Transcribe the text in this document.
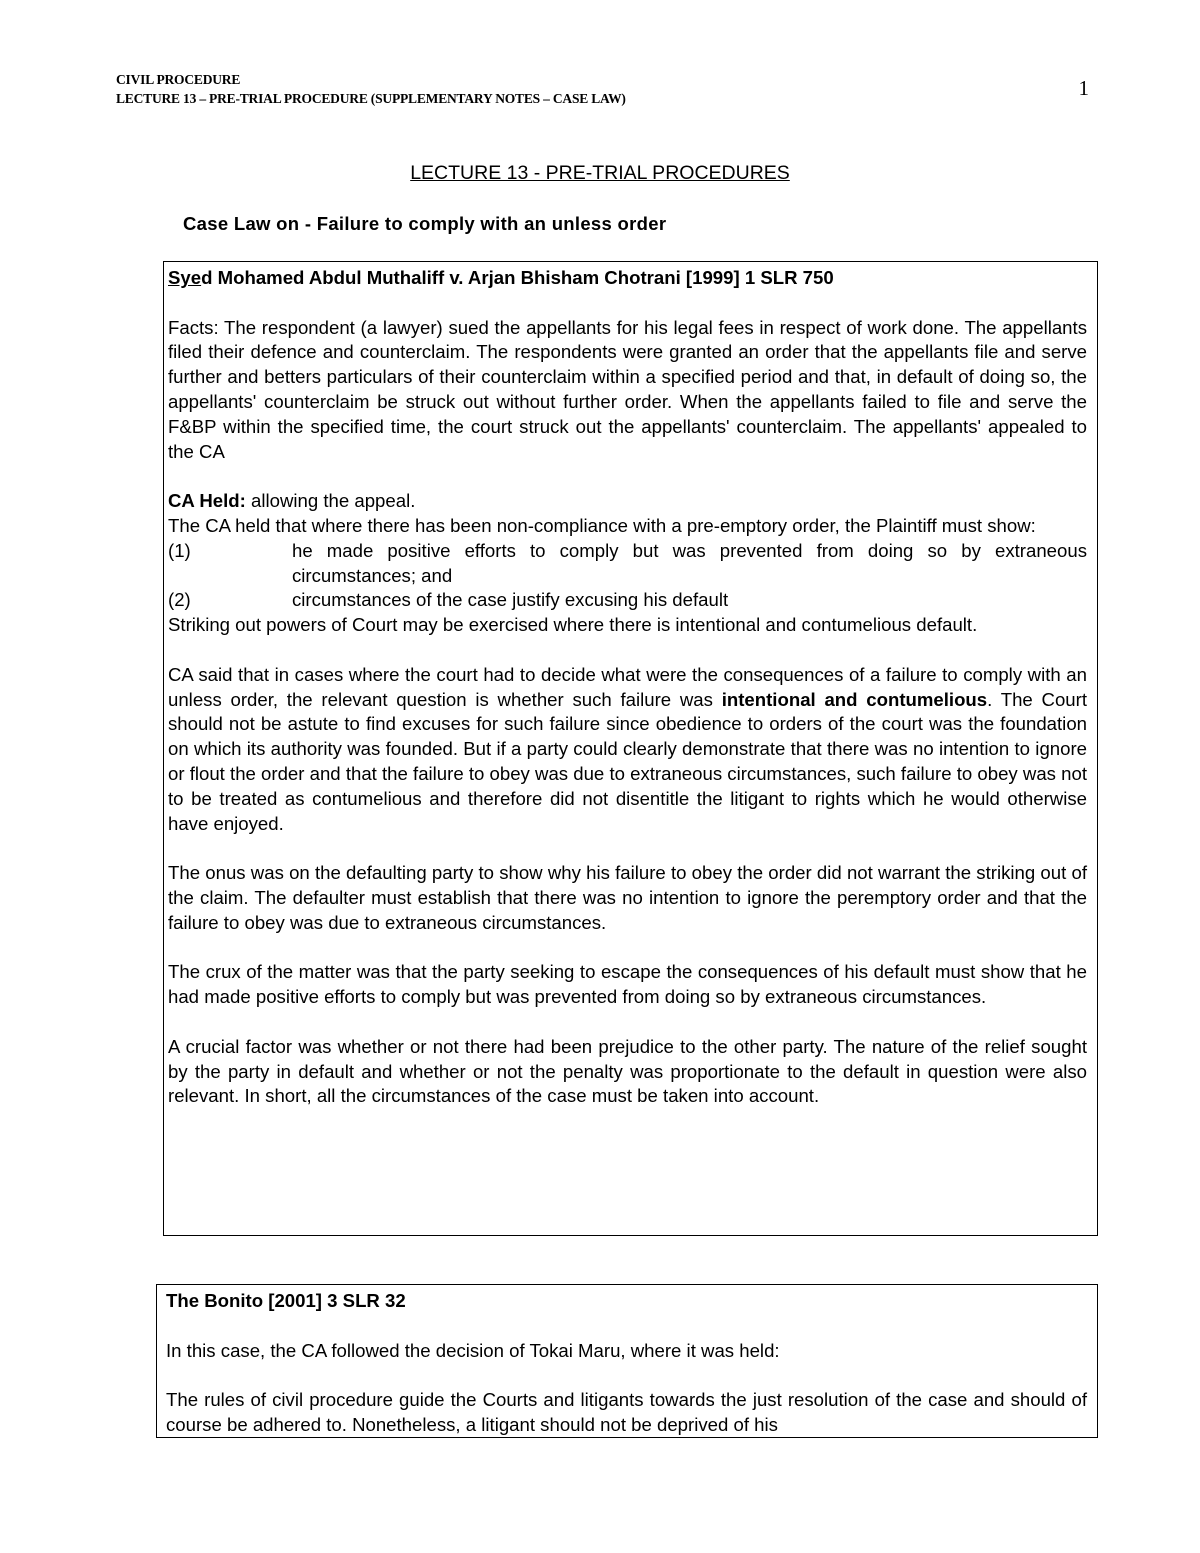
CIVIL PROCEDURE
LECTURE 13 – PRE-TRIAL PROCEDURE (SUPPLEMENTARY NOTES – CASE LAW)	1
LECTURE 13 - PRE-TRIAL PROCEDURES
Case Law on - Failure to comply with an unless order

Syed Mohamed Abdul Muthaliff v. Arjan Bhisham Chotrani [1999] 1 SLR 750

Facts: The respondent (a lawyer) sued the appellants for his legal fees in respect of work done. The appellants filed their defence and counterclaim. The respondents were granted an order that the appellants file and serve further and betters particulars of their counterclaim within a specified period and that, in default of doing so, the appellants' counterclaim be struck out without further order. When the appellants failed to file and serve the F&BP within the specified time, the court struck out the appellants' counterclaim. The appellants' appealed to the CA

CA Held: allowing the appeal.

The CA held that where there has been non-compliance with a pre-emptory order, the Plaintiff must show:

(1)	he made positive efforts to comply but was prevented from doing so by extraneous circumstances; and
(2)	circumstances of the case justify excusing his default

Striking out powers of Court may be exercised where there is intentional and contumelious default.

CA said that in cases where the court had to decide what were the consequences of a failure to comply with an unless order, the relevant question is whether such failure was intentional and contumelious. The Court should not be astute to find excuses for such failure since obedience to orders of the court was the foundation on which its authority was founded. But if a party could clearly demonstrate that there was no intention to ignore or flout the order and that the failure to obey was due to extraneous circumstances, such failure to obey was not to be treated as contumelious and therefore did not disentitle the litigant to rights which he would otherwise have enjoyed.

The onus was on the defaulting party to show why his failure to obey the order did not warrant the striking out of the claim. The defaulter must establish that there was no intention to ignore the peremptory order and that the failure to obey was due to extraneous circumstances.

The crux of the matter was that the party seeking to escape the consequences of his default must show that he had made positive efforts to comply but was prevented from doing so by extraneous circumstances.

A crucial factor was whether or not there had been prejudice to the other party. The nature of the relief sought by the party in default and whether or not the penalty was proportionate to the default in question were also relevant. In short, all the circumstances of the case must be taken into account.

The Bonito [2001] 3 SLR 32

In this case, the CA followed the decision of Tokai Maru, where it was held:

The rules of civil procedure guide the Courts and litigants towards the just resolution of the case and should of course be adhered to. Nonetheless, a litigant should not be deprived of his
